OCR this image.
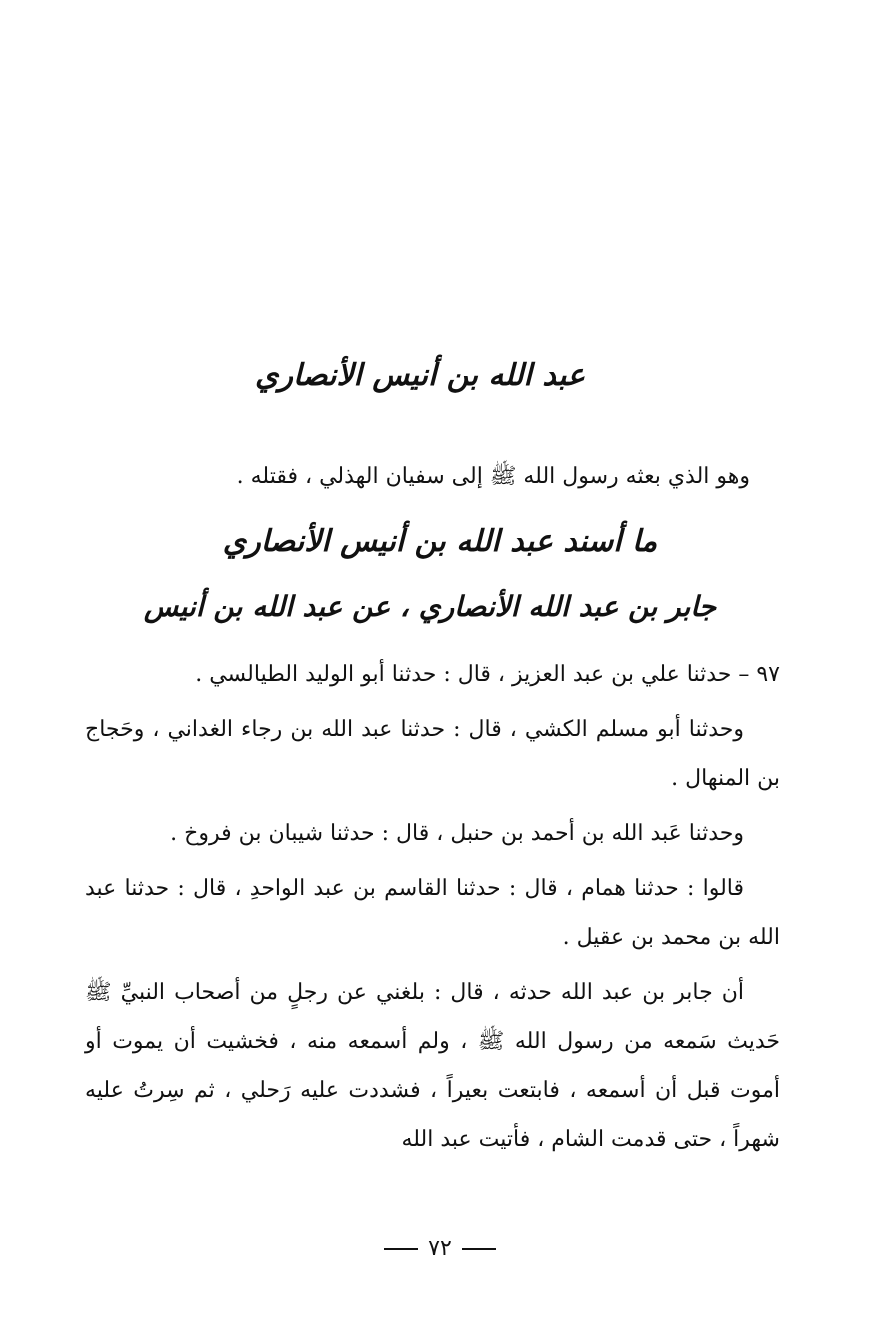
عبد الله بن أنيس الأنصاري

وهو الذي بعثه رسول الله ﷺ إلى سفيان الهذلي ، فقتله .

ما أسند عبد الله بن أنيس الأنصاري
جابر بن عبد الله الأنصاري ، عن عبد الله بن أنيس

٩٧ – حدثنا علي بن عبد العزيز ، قال : حدثنا أبو الوليد الطيالسي .

وحدثنا أبو مسلم الكشي ، قال : حدثنا عبد الله بن رجاء الغداني ، وحَجاج بن المنهال .

وحدثنا عَبد الله بن أحمد بن حنبل ، قال : حدثنا شيبان بن فروخ .

قالوا : حدثنا همام ، قال : حدثنا القاسم بن عبد الواحدِ ، قال : حدثنا عبد الله بن محمد بن عقيل .

أن جابر بن عبد الله حدثه ، قال : بلغني عن رجلٍ من أصحاب النبيِّ ﷺ حَديث سَمعه من رسول الله ﷺ ، ولم أسمعه منه ، فخشيت أن يموت أو أموت قبل أن أسمعه ، فابتعت بعيراً ، فشددت عليه رَحلي ، ثم سِرتُ عليه شهراً ، حتى قدمت الشام ، فأتيت عبد الله

٧٢
